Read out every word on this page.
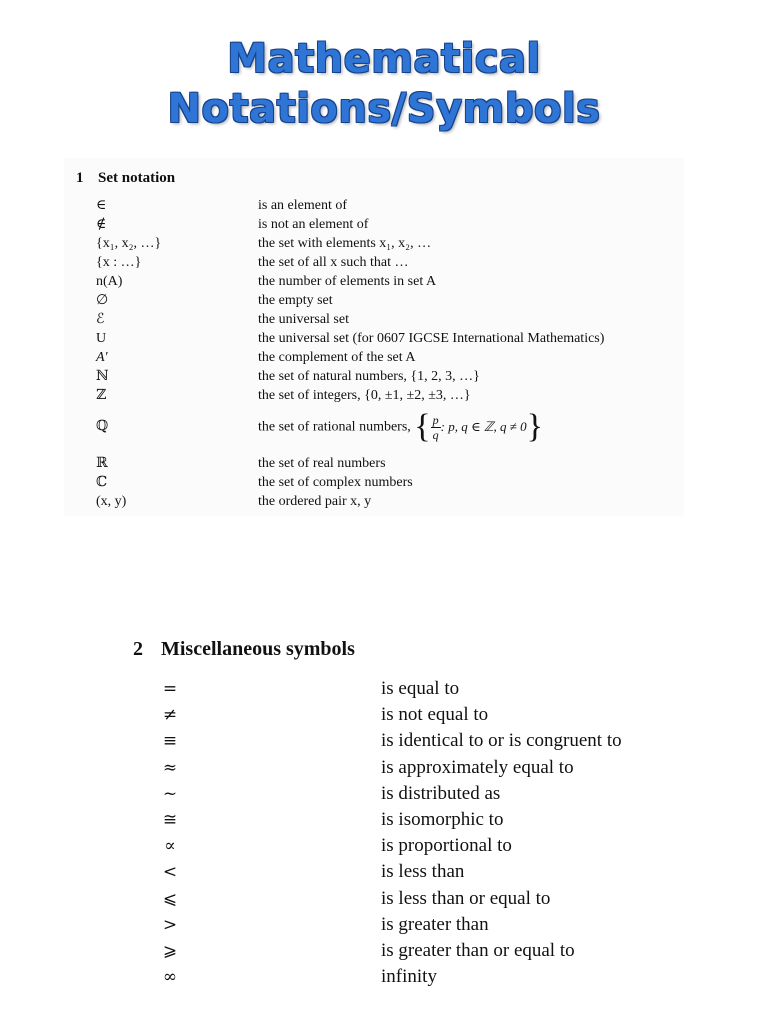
Mathematical
Notations/Symbols
1 Set notation
∈	is an element of
∉	is not an element of
{x₁, x₂, …}	the set with elements x₁, x₂, …
{x : …}	the set of all x such that …
n(A)	the number of elements in set A
∅	the empty set
ℰ	the universal set
U	the universal set (for 0607 IGCSE International Mathematics)
A′	the complement of the set A
ℕ	the set of natural numbers, {1, 2, 3, …}
ℤ	the set of integers, {0, ±1, ±2, ±3, …}
ℚ	the set of rational numbers, { $\frac{p}{q}$ : p, q ∈ ℤ, q ≠ 0}
ℝ	the set of real numbers
ℂ	the set of complex numbers
(x, y)	the ordered pair x, y
2 Miscellaneous symbols
=	is equal to
≠	is not equal to
≡	is identical to or is congruent to
≈	is approximately equal to
~	is distributed as
≅	is isomorphic to
∝	is proportional to
<	is less than
⩽	is less than or equal to
>	is greater than
⩾	is greater than or equal to
∞	infinity
